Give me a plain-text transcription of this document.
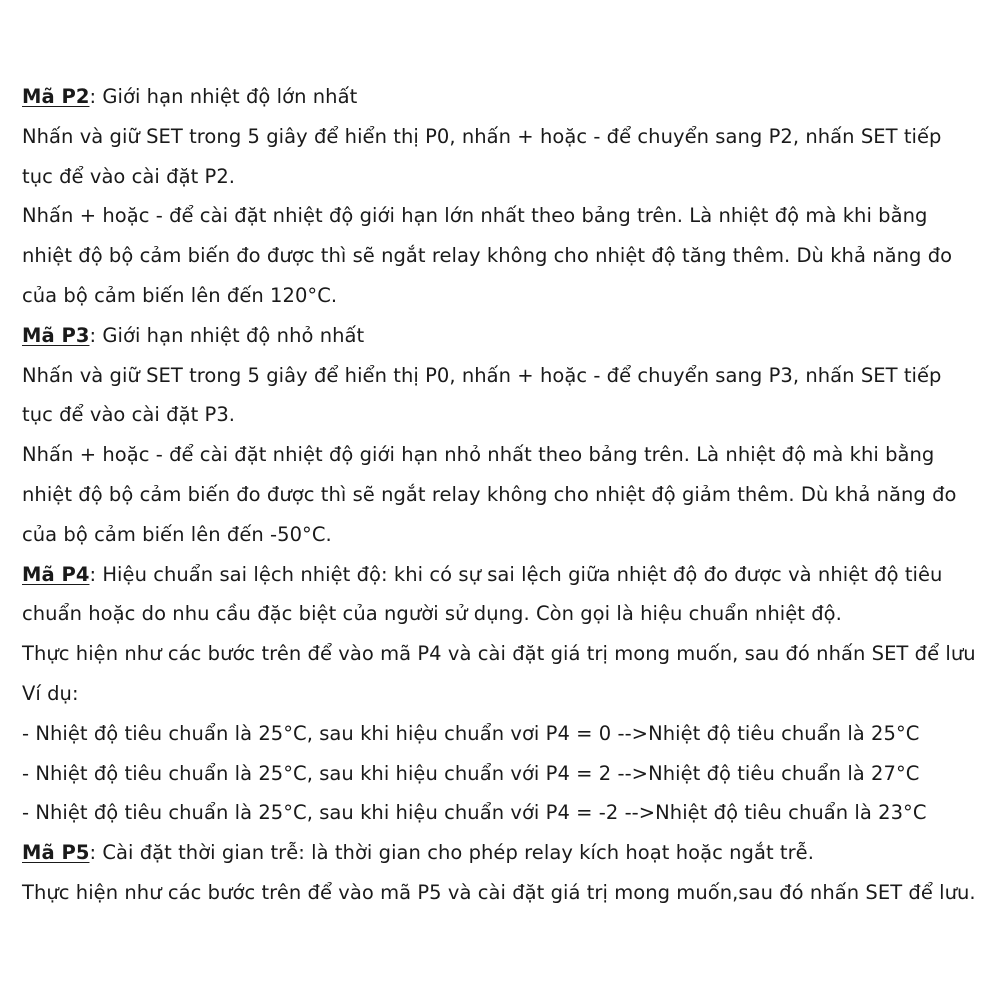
Mã P2: Giới hạn nhiệt độ lớn nhất
Nhấn và giữ SET trong 5 giây để hiển thị P0, nhấn + hoặc - để chuyển sang P2, nhấn SET tiếp
tục để vào cài đặt P2.
Nhấn + hoặc - để cài đặt nhiệt độ giới hạn lớn nhất theo bảng trên. Là nhiệt độ mà khi bằng
nhiệt độ bộ cảm biến đo được thì sẽ ngắt relay không cho nhiệt độ tăng thêm. Dù khả năng đo
của bộ cảm biến lên đến 120°C.
Mã P3: Giới hạn nhiệt độ nhỏ nhất
Nhấn và giữ SET trong 5 giây để hiển thị P0, nhấn + hoặc - để chuyển sang P3, nhấn SET tiếp
tục để vào cài đặt P3.
Nhấn + hoặc - để cài đặt nhiệt độ giới hạn nhỏ nhất theo bảng trên. Là nhiệt độ mà khi bằng
nhiệt độ bộ cảm biến đo được thì sẽ ngắt relay không cho nhiệt độ giảm thêm. Dù khả năng đo
của bộ cảm biến lên đến -50°C.
Mã P4: Hiệu chuẩn sai lệch nhiệt độ: khi có sự sai lệch giữa nhiệt độ đo được và nhiệt độ tiêu
chuẩn hoặc do nhu cầu đặc biệt của người sử dụng. Còn gọi là hiệu chuẩn nhiệt độ.
Thực hiện như các bước trên để vào mã P4 và cài đặt giá trị mong muốn, sau đó nhấn SET để lưu
Ví dụ:
- Nhiệt độ tiêu chuẩn là 25°C, sau khi hiệu chuẩn vơi P4 = 0 -->Nhiệt độ tiêu chuẩn là 25°C
- Nhiệt độ tiêu chuẩn là 25°C, sau khi hiệu chuẩn với P4 = 2 -->Nhiệt độ tiêu chuẩn là 27°C
- Nhiệt độ tiêu chuẩn là 25°C, sau khi hiệu chuẩn với P4 = -2 -->Nhiệt độ tiêu chuẩn là 23°C
Mã P5: Cài đặt thời gian trễ: là thời gian cho phép relay kích hoạt hoặc ngắt trễ.
Thực hiện như các bước trên để vào mã P5 và cài đặt giá trị mong muốn,sau đó nhấn SET để lưu.
